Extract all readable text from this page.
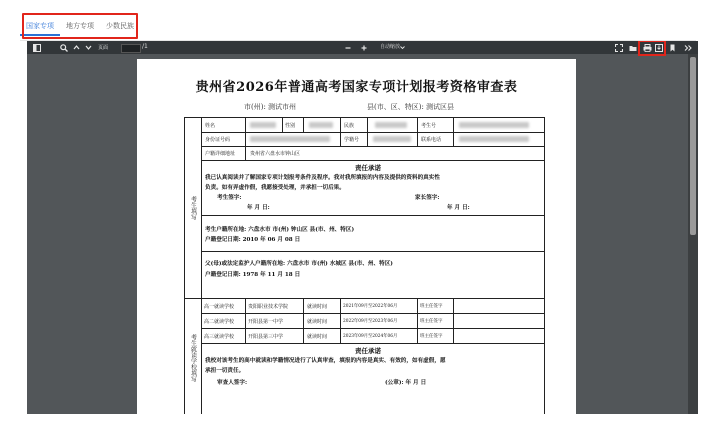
国家专项	地方专项	少数民族
页面	/1	自动缩放
贵州省2026年普通高考国家专项计划报考资格审查表
市(州): 测试市州	县(市、区、特区): 测试区县
考生填写
考生就读学校填写
姓名	性别	民族	考生号
身份证号码	学籍号	联系电话
户籍详细地址	贵州省六盘水市钟山区
责任承诺
我已认真阅读并了解国家专项计划报考条件及程序。我对我所填报的内容及提供的资料的真实性
负责。如有弄虚作假，我愿接受处理，并承担一切后果。
考生签字:	家长签字:
年 月 日:	年 月 日:
考生户籍所在地: 六盘水市 市(州) 钟山区 县(市、州、特区)
户籍登记日期: 2010 年 06 月 08 日
父(母)或法定监护人户籍所在地: 六盘水市 市(州) 水城区 县(市、州、特区)
户籍登记日期: 1978 年 11 月 18 日
高一就读学校	贵阳职业技术学院	就读时间	2021年09月至2022年06月	班主任签字
高二就读学校	开阳县第一中学	就读时间	2022年09月至2023年06月	班主任签字
高三就读学校	开阳县第三中学	就读时间	2023年09月至2024年06月	班主任签字
责任承诺
我校对该考生的高中就读和学籍情况进行了认真审查，填报的内容是真实、有效的，如有虚假，愿
承担一切责任。
审查人签字:	(公章): 年 月 日
